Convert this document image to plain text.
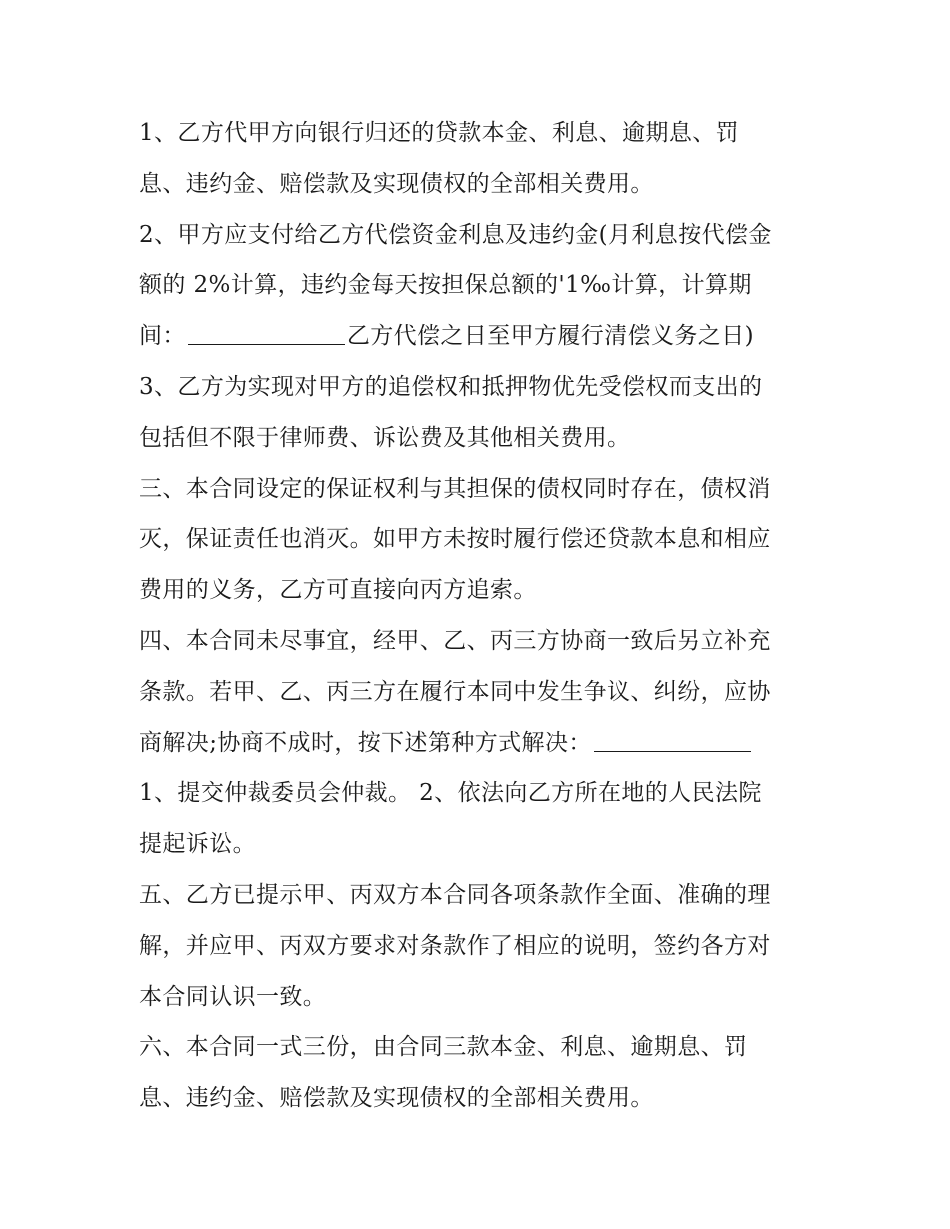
1、乙方代甲方向银行归还的贷款本金、利息、逾期息、罚
息、违约金、赔偿款及实现债权的全部相关费用。
2、甲方应支付给乙方代偿资金利息及违约金(月利息按代偿金
额的 2%计算，违约金每天按担保总额的'1‰计算，计算期
间：	乙方代偿之日至甲方履行清偿义务之日)
3、乙方为实现对甲方的追偿权和抵押物优先受偿权而支出的
包括但不限于律师费、诉讼费及其他相关费用。
三、本合同设定的保证权利与其担保的债权同时存在，债权消
灭，保证责任也消灭。如甲方未按时履行偿还贷款本息和相应
费用的义务，乙方可直接向丙方追索。
四、本合同未尽事宜，经甲、乙、丙三方协商一致后另立补充
条款。若甲、乙、丙三方在履行本同中发生争议、纠纷，应协
商解决;协商不成时，按下述第种方式解决：
1、提交仲裁委员会仲裁。 2、依法向乙方所在地的人民法院
提起诉讼。
五、乙方已提示甲、丙双方本合同各项条款作全面、准确的理
解，并应甲、丙双方要求对条款作了相应的说明，签约各方对
本合同认识一致。
六、本合同一式三份，由合同三款本金、利息、逾期息、罚
息、违约金、赔偿款及实现债权的全部相关费用。
